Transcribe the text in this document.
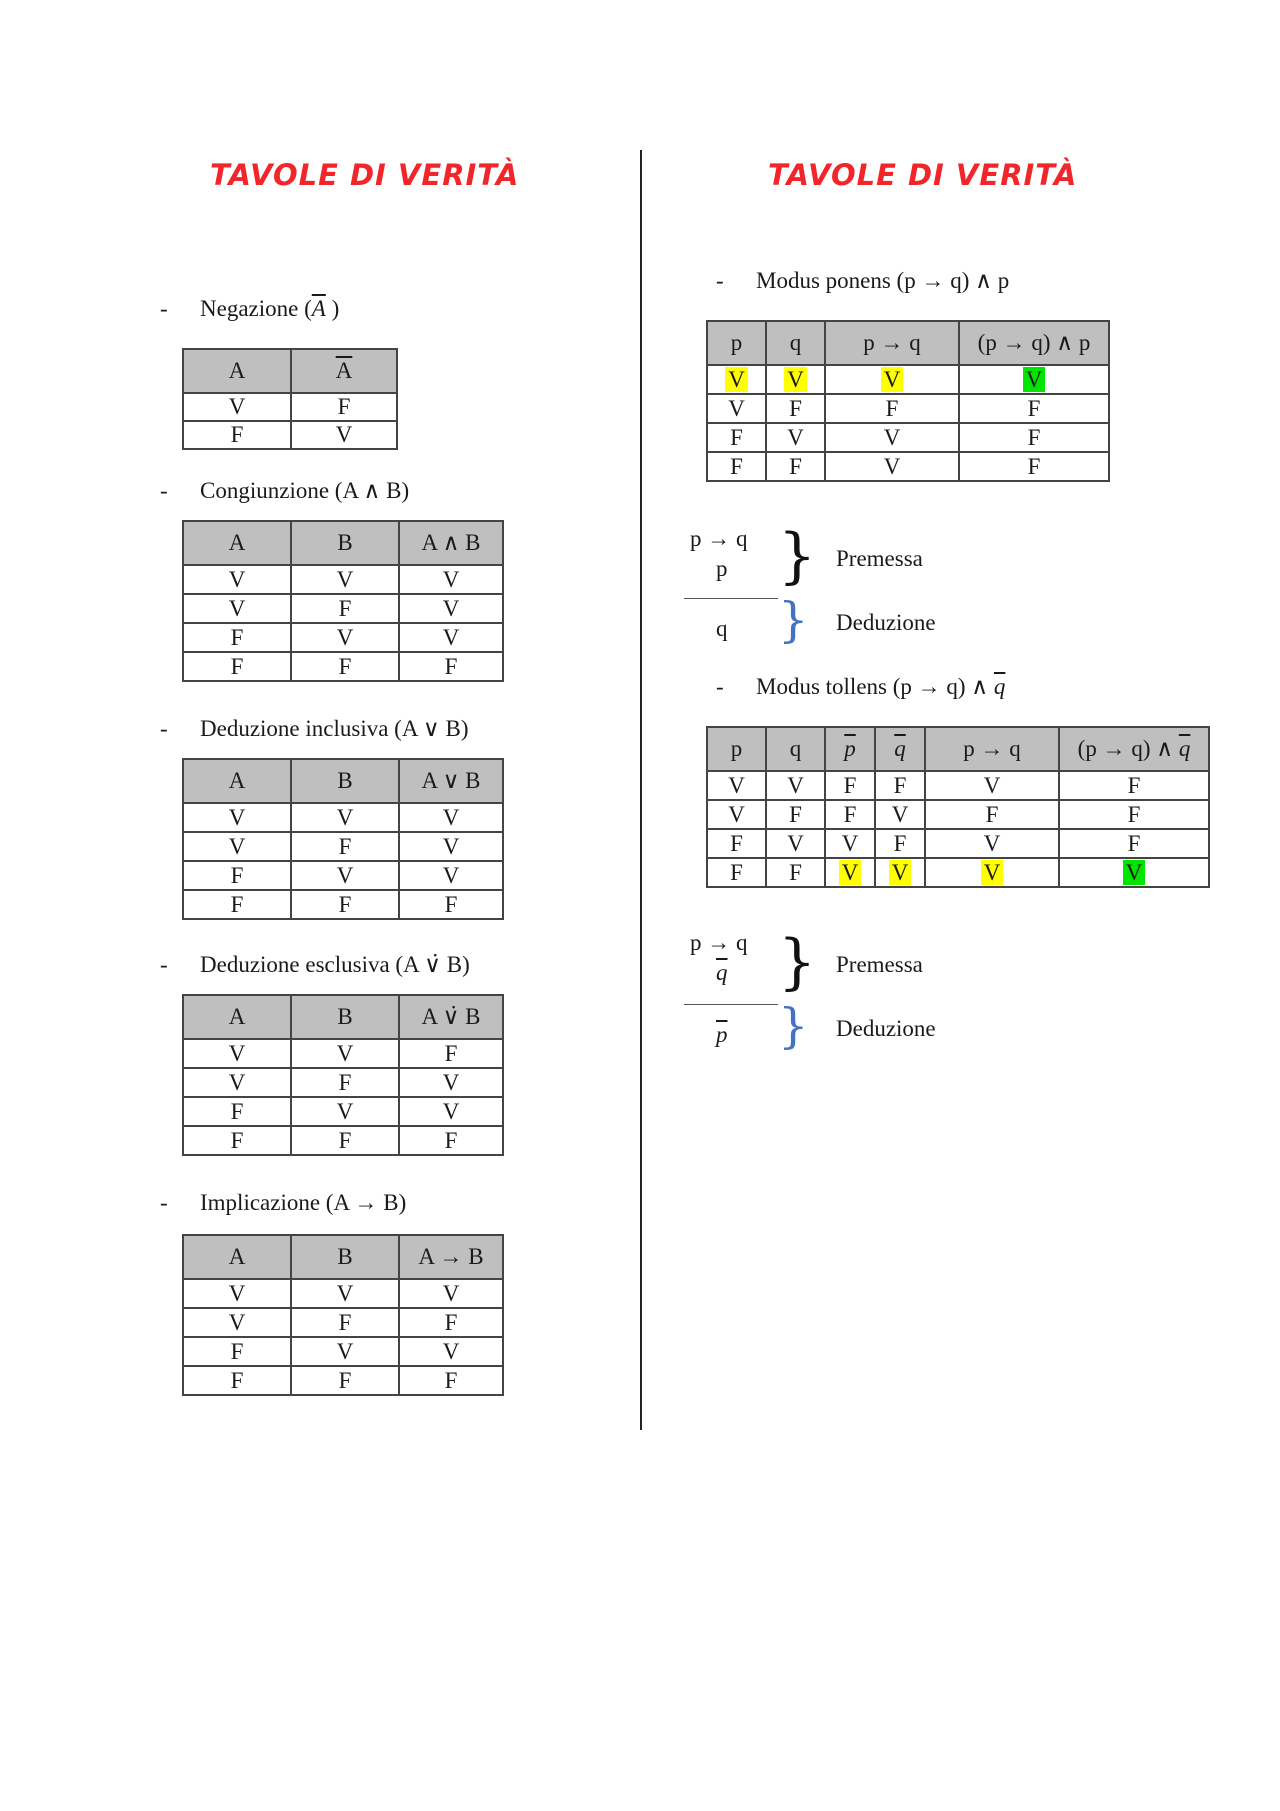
TAVOLE DI VERITÀ	TAVOLE DI VERITÀ

- Negazione ($\overline{A}$ )

A	$\overline{A}$
V	F
F	V

- Congiunzione (A ∧ B)

A	B	A ∧ B
V	V	V
V	F	V
F	V	V
F	F	F

- Deduzione inclusiva (A ∨ B)

A	B	A ∨ B
V	V	V
V	F	V
F	V	V
F	F	F

- Deduzione esclusiva (A ∨̇ B)

A	B	A ∨̇ B
V	V	F
V	F	V
F	V	V
F	F	F

- Implicazione (A → B)

A	B	A → B
V	V	V
V	F	F
F	V	V
F	F	F

- Modus ponens (p → q) ∧ p

p	q	p → q	(p → q) ∧ p
V	V	V	V
V	F	F	F
F	V	V	F
F	F	V	F
p → q
p
q
}
}
Premessa
Deduzione

- Modus tollens (p → q) ∧ $\overline{q}$

p	q	$\overline{p}$	$\overline{q}$	p → q	(p → q) ∧ $\overline{q}$
V	V	F	F	V	F
V	F	F	V	F	F
F	V	V	F	V	F
F	F	V	V	V	V
p → q
$\overline{q}$
$\overline{p}$
}
}
Premessa
Deduzione
